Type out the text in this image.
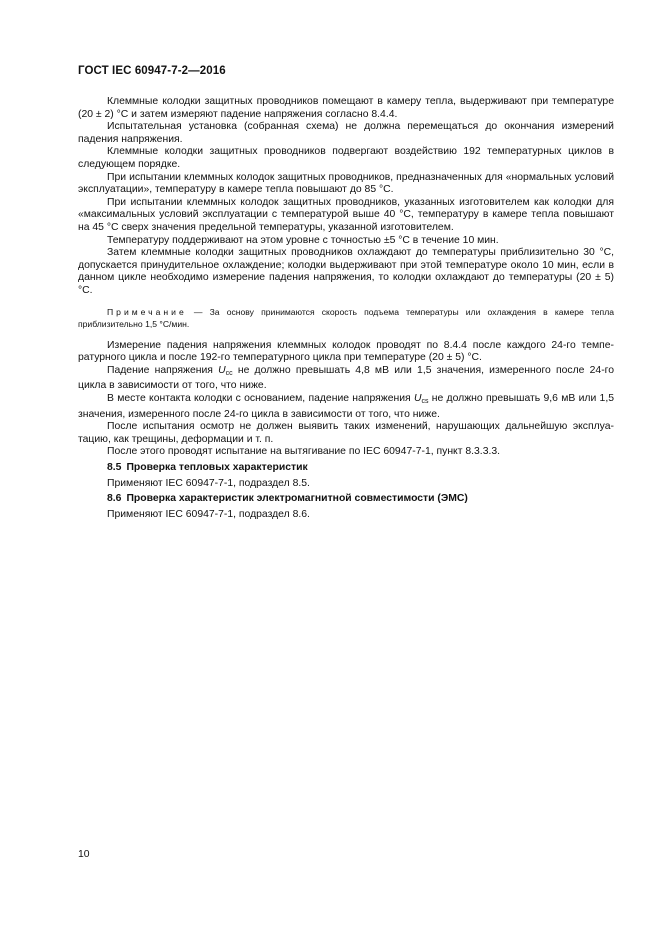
ГОСТ IEC 60947-7-2—2016

Клеммные колодки защитных проводников помещают в камеру тепла, выдерживают при температуре (20 ± 2) °С и затем измеряют падение напряжения согласно 8.4.4.

Испытательная установка (собранная схема) не должна перемещаться до окончания измерений падения напряжения.

Клеммные колодки защитных проводников подвергают воздействию 192 температурных циклов в следующем порядке.

При испытании клеммных колодок защитных проводников, предназначенных для «нормальных условий эксплуатации», температуру в камере тепла повышают до 85 °С.

При испытании клеммных колодок защитных проводников, указанных изготовителем как колодки для «максимальных условий эксплуатации с температурой выше 40 °С, температуру в камере тепла повышают на 45 °С сверх значения предельной температуры, указанной изготовителем.

Температуру поддерживают на этом уровне с точностью ±5 °С в течение 10 мин.

Затем клеммные колодки защитных проводников охлаждают до температуры приблизительно 30 °С, допускается принудительное охлаждение; колодки выдерживают при этой температуре около 10 мин, если в данном цикле необходимо измерение падения напряжения, то колодки охлаждают до температуры (20 ± 5) °С.

Примечание — За основу принимаются скорость подъема температуры или охлаждения в камере тепла приблизительно 1,5 °С/мин.

Измерение падения напряжения клеммных колодок проводят по 8.4.4 после каждого 24-го температурного цикла и после 192-го температурного цикла при температуре (20 ± 5) °С.

Падение напряжения $U_{cc}$ не должно превышать 4,8 мВ или 1,5 значения, измеренного после 24-го цикла в зависимости от того, что ниже.

В месте контакта колодки с основанием, падение напряжения $U_{cs}$ не должно превышать 9,6 мВ или 1,5 значения, измеренного после 24-го цикла в зависимости от того, что ниже.

После испытания осмотр не должен выявить таких изменений, нарушающих дальнейшую эксплуатацию, как трещины, деформации и т. п.

После этого проводят испытание на вытягивание по IEC 60947-7-1, пункт 8.3.3.3.

8.5 Проверка тепловых характеристик

Применяют IEC 60947-7-1, подраздел 8.5.

8.6 Проверка характеристик электромагнитной совместимости (ЭМС)

Применяют IEC 60947-7-1, подраздел 8.6.

10
